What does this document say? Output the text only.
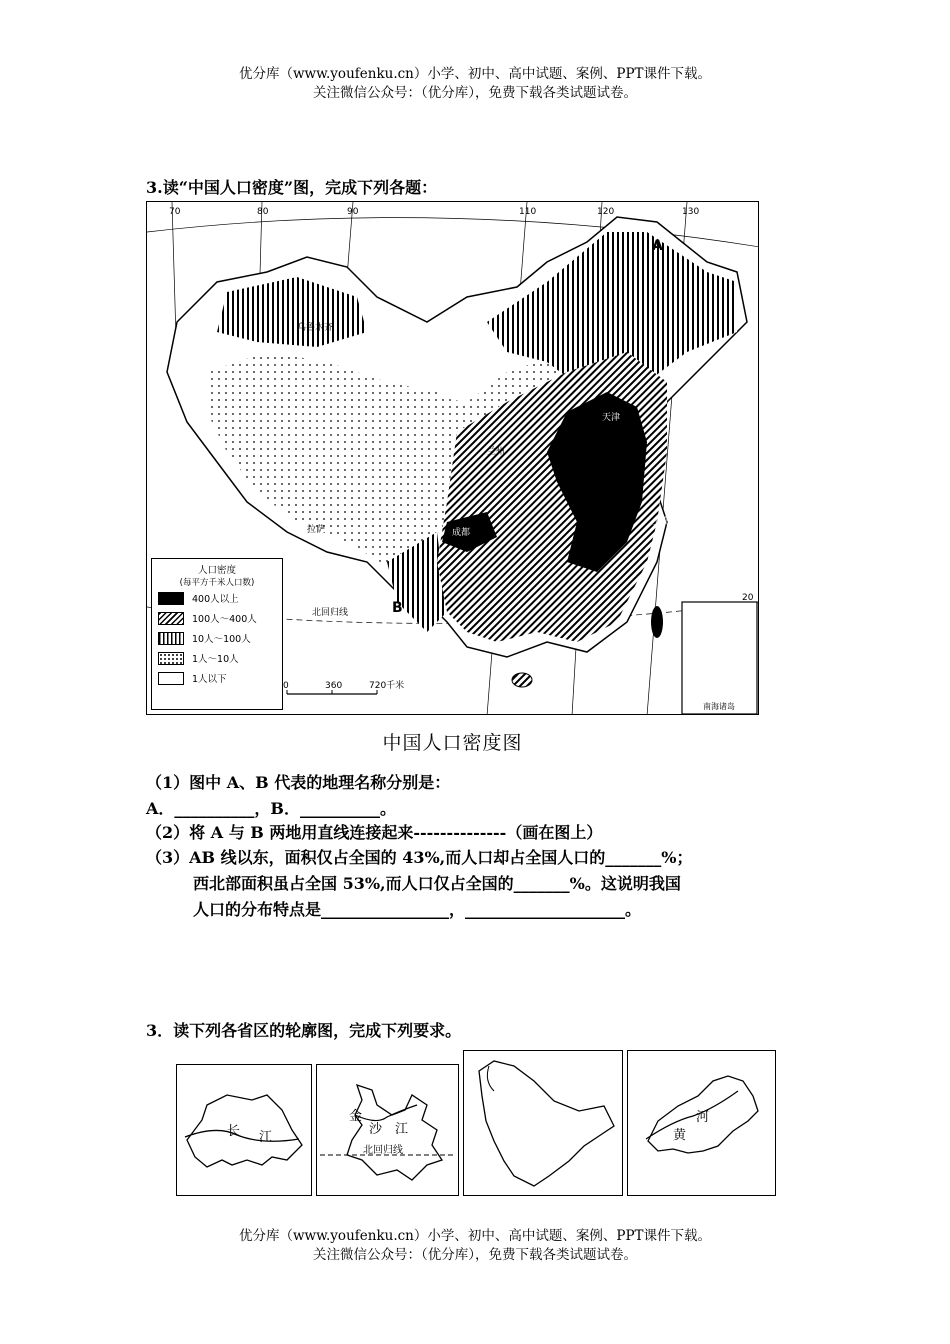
优分库（www.youfenku.cn）小学、初中、高中试题、案例、PPT课件下载。
关注微信公众号：（优分库），免费下载各类试题试卷。
3.读“中国人口密度”图，完成下列各题：
南海诸岛
70	80	90	110	120	130
20
A
B
北回归线
乌鲁木齐
兰州
成都
拉萨
天津
上海
0	360	720千米
人口密度
(每平方千米人口数)
400人以上
100人～400人
10人～100人
1人～10人
1人以下
中国人口密度图
（1）图中 A、B 代表的地理名称分别是：
A．__________，B．__________。
（2）将 A 与 B 两地用直线连接起来--------------（画在图上）
（3）AB 线以东，面积仅占全国的 43%,而人口却占全国人口的_______%；
西北部面积虽占全国 53%,而人口仅占全国的_______%。这说明我国
人口的分布特点是________________，____________________。
3．读下列各省区的轮廓图，完成下列要求。
长 江
金
沙 江
北回归线
河
黄
优分库（www.youfenku.cn）小学、初中、高中试题、案例、PPT课件下载。
关注微信公众号：（优分库），免费下载各类试题试卷。
